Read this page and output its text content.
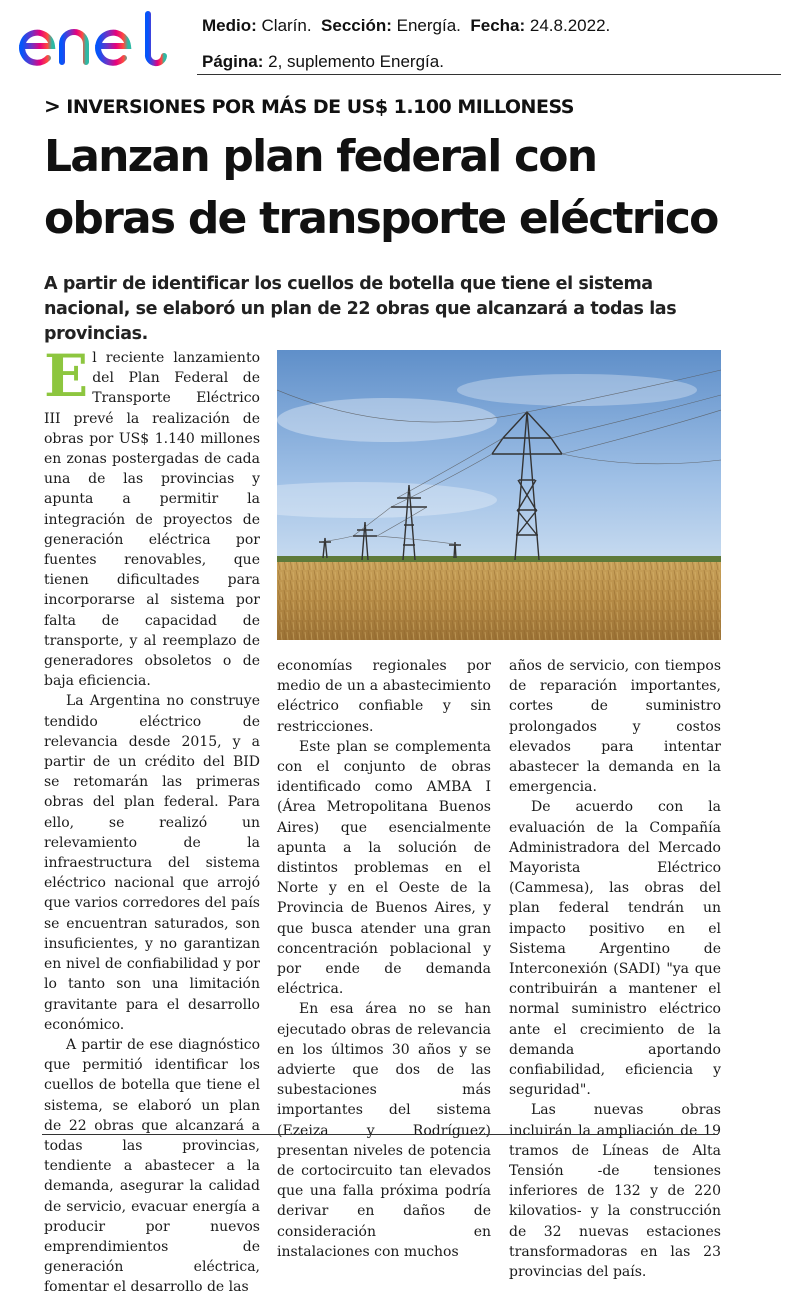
Medio: Clarín. Sección: Energía. Fecha: 24.8.2022.
Página: 2, suplemento Energía.
> INVERSIONES POR MÁS DE US$ 1.100 MILLONESS
Lanzan plan federal con
obras de transporte eléctrico
A partir de identificar los cuellos de botella que tiene el sistema nacional, se elaboró un plan de 22 obras que alcanzará a todas las provincias.

El reciente lanzamiento del Plan Federal de Transporte Eléctrico III prevé la realización de obras por US$ 1.140 millones en zonas postergadas de cada una de las provincias y apunta a permitir la integración de proyectos de generación eléctrica por fuentes renovables, que tienen dificultades para incorporarse al sistema por falta de capacidad de transporte, y al reemplazo de generadores obsoletos o de baja eficiencia.

La Argentina no construye tendido eléctrico de relevancia desde 2015, y a partir de un crédito del BID se retomarán las primeras obras del plan federal. Para ello, se realizó un relevamiento de la infraestructura del sistema eléctrico nacional que arrojó que varios corredores del país se encuentran saturados, son insuficientes, y no garantizan en nivel de confiabilidad y por lo tanto son una limitación gravitante para el desarrollo económico.

A partir de ese diagnóstico que permitió identificar los cuellos de botella que tiene el sistema, se elaboró un plan de 22 obras que alcanzará a todas las provincias, tendiente a abastecer a la demanda, asegurar la calidad de servicio, evacuar energía a producir por nuevos emprendimientos de generación eléctrica, fomentar el desarrollo de las

economías regionales por medio de un a abastecimiento eléctrico confiable y sin restricciones.

Este plan se complementa con el conjunto de obras identificado como AMBA I (Área Metropolitana Buenos Aires) que esencialmente apunta a la solución de distintos problemas en el Norte y en el Oeste de la Provincia de Buenos Aires, y que busca atender una gran concentración poblacional y por ende de demanda eléctrica.

En esa área no se han ejecutado obras de relevancia en los últimos 30 años y se advierte que dos de las subestaciones más importantes del sistema (Ezeiza y Rodríguez) presentan niveles de potencia de cortocircuito tan elevados que una falla próxima podría derivar en daños de consideración en instalaciones con muchos

años de servicio, con tiempos de reparación importantes, cortes de suministro prolongados y costos elevados para intentar abastecer la demanda en la emergencia.

De acuerdo con la evaluación de la Compañía Administradora del Mercado Mayorista Eléctrico (Cammesa), las obras del plan federal tendrán un impacto positivo en el Sistema Argentino de Interconexión (SADI) "ya que contribuirán a mantener el normal suministro eléctrico ante el crecimiento de la demanda aportando confiabilidad, eficiencia y seguridad".

Las nuevas obras incluirán la ampliación de 19 tramos de Líneas de Alta Tensión -de tensiones inferiores de 132 y de 220 kilovatios- y la construcción de 32 nuevas estaciones transformadoras en las 23 provincias del país.
